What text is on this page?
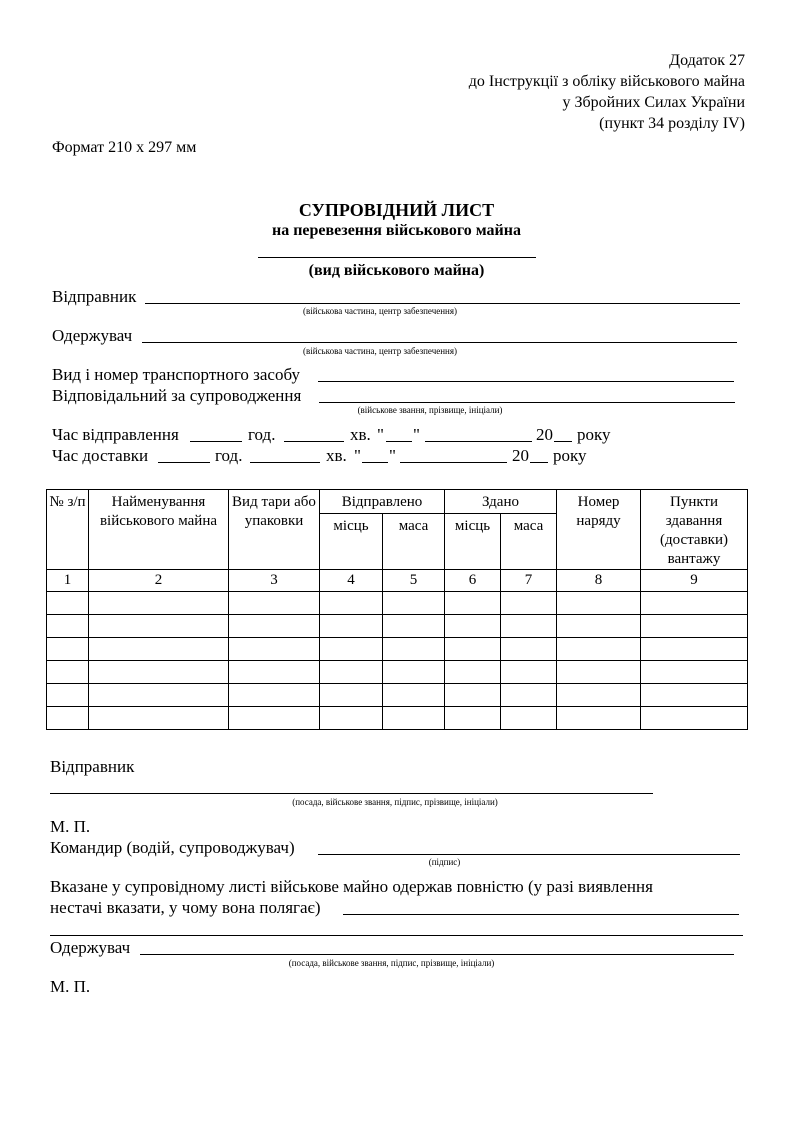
Додаток 27
до Інструкції з обліку військового майна
у Збройних Силах України
(пункт 34 розділу IV)
Формат 210 х 297 мм
СУПРОВІДНИЙ ЛИСТ
на перевезення військового майна
(вид військового майна)
Відправник
(військова частина, центр забезпечення)
Одержувач
(військова частина, центр забезпечення)
Вид і номер транспортного засобу
Відповідальний за супроводження
(військове звання, прізвище, ініціали)
Час відправлення	год.	хв. " "	20 року
Час доставки	год.	хв. " "	20 року
№ з/п	Найменування військового майна	Вид тари або упаковки	Відправлено		Здано		Номер наряду	Пункти здавання (доставки) вантажу
			місць	маса	місць	маса		
1	2	3	4	5	6	7	8	9

Відправник
(посада, військове звання, підпис, прізвище, ініціали)
М. П.
Командир (водій, супроводжувач)
(підпис)
Вказане у супровідному листі військове майно одержав повністю (у разі виявлення
нестачі вказати, у чому вона полягає)
Одержувач
(посада, військове звання, підпис, прізвище, ініціали)
М. П.
